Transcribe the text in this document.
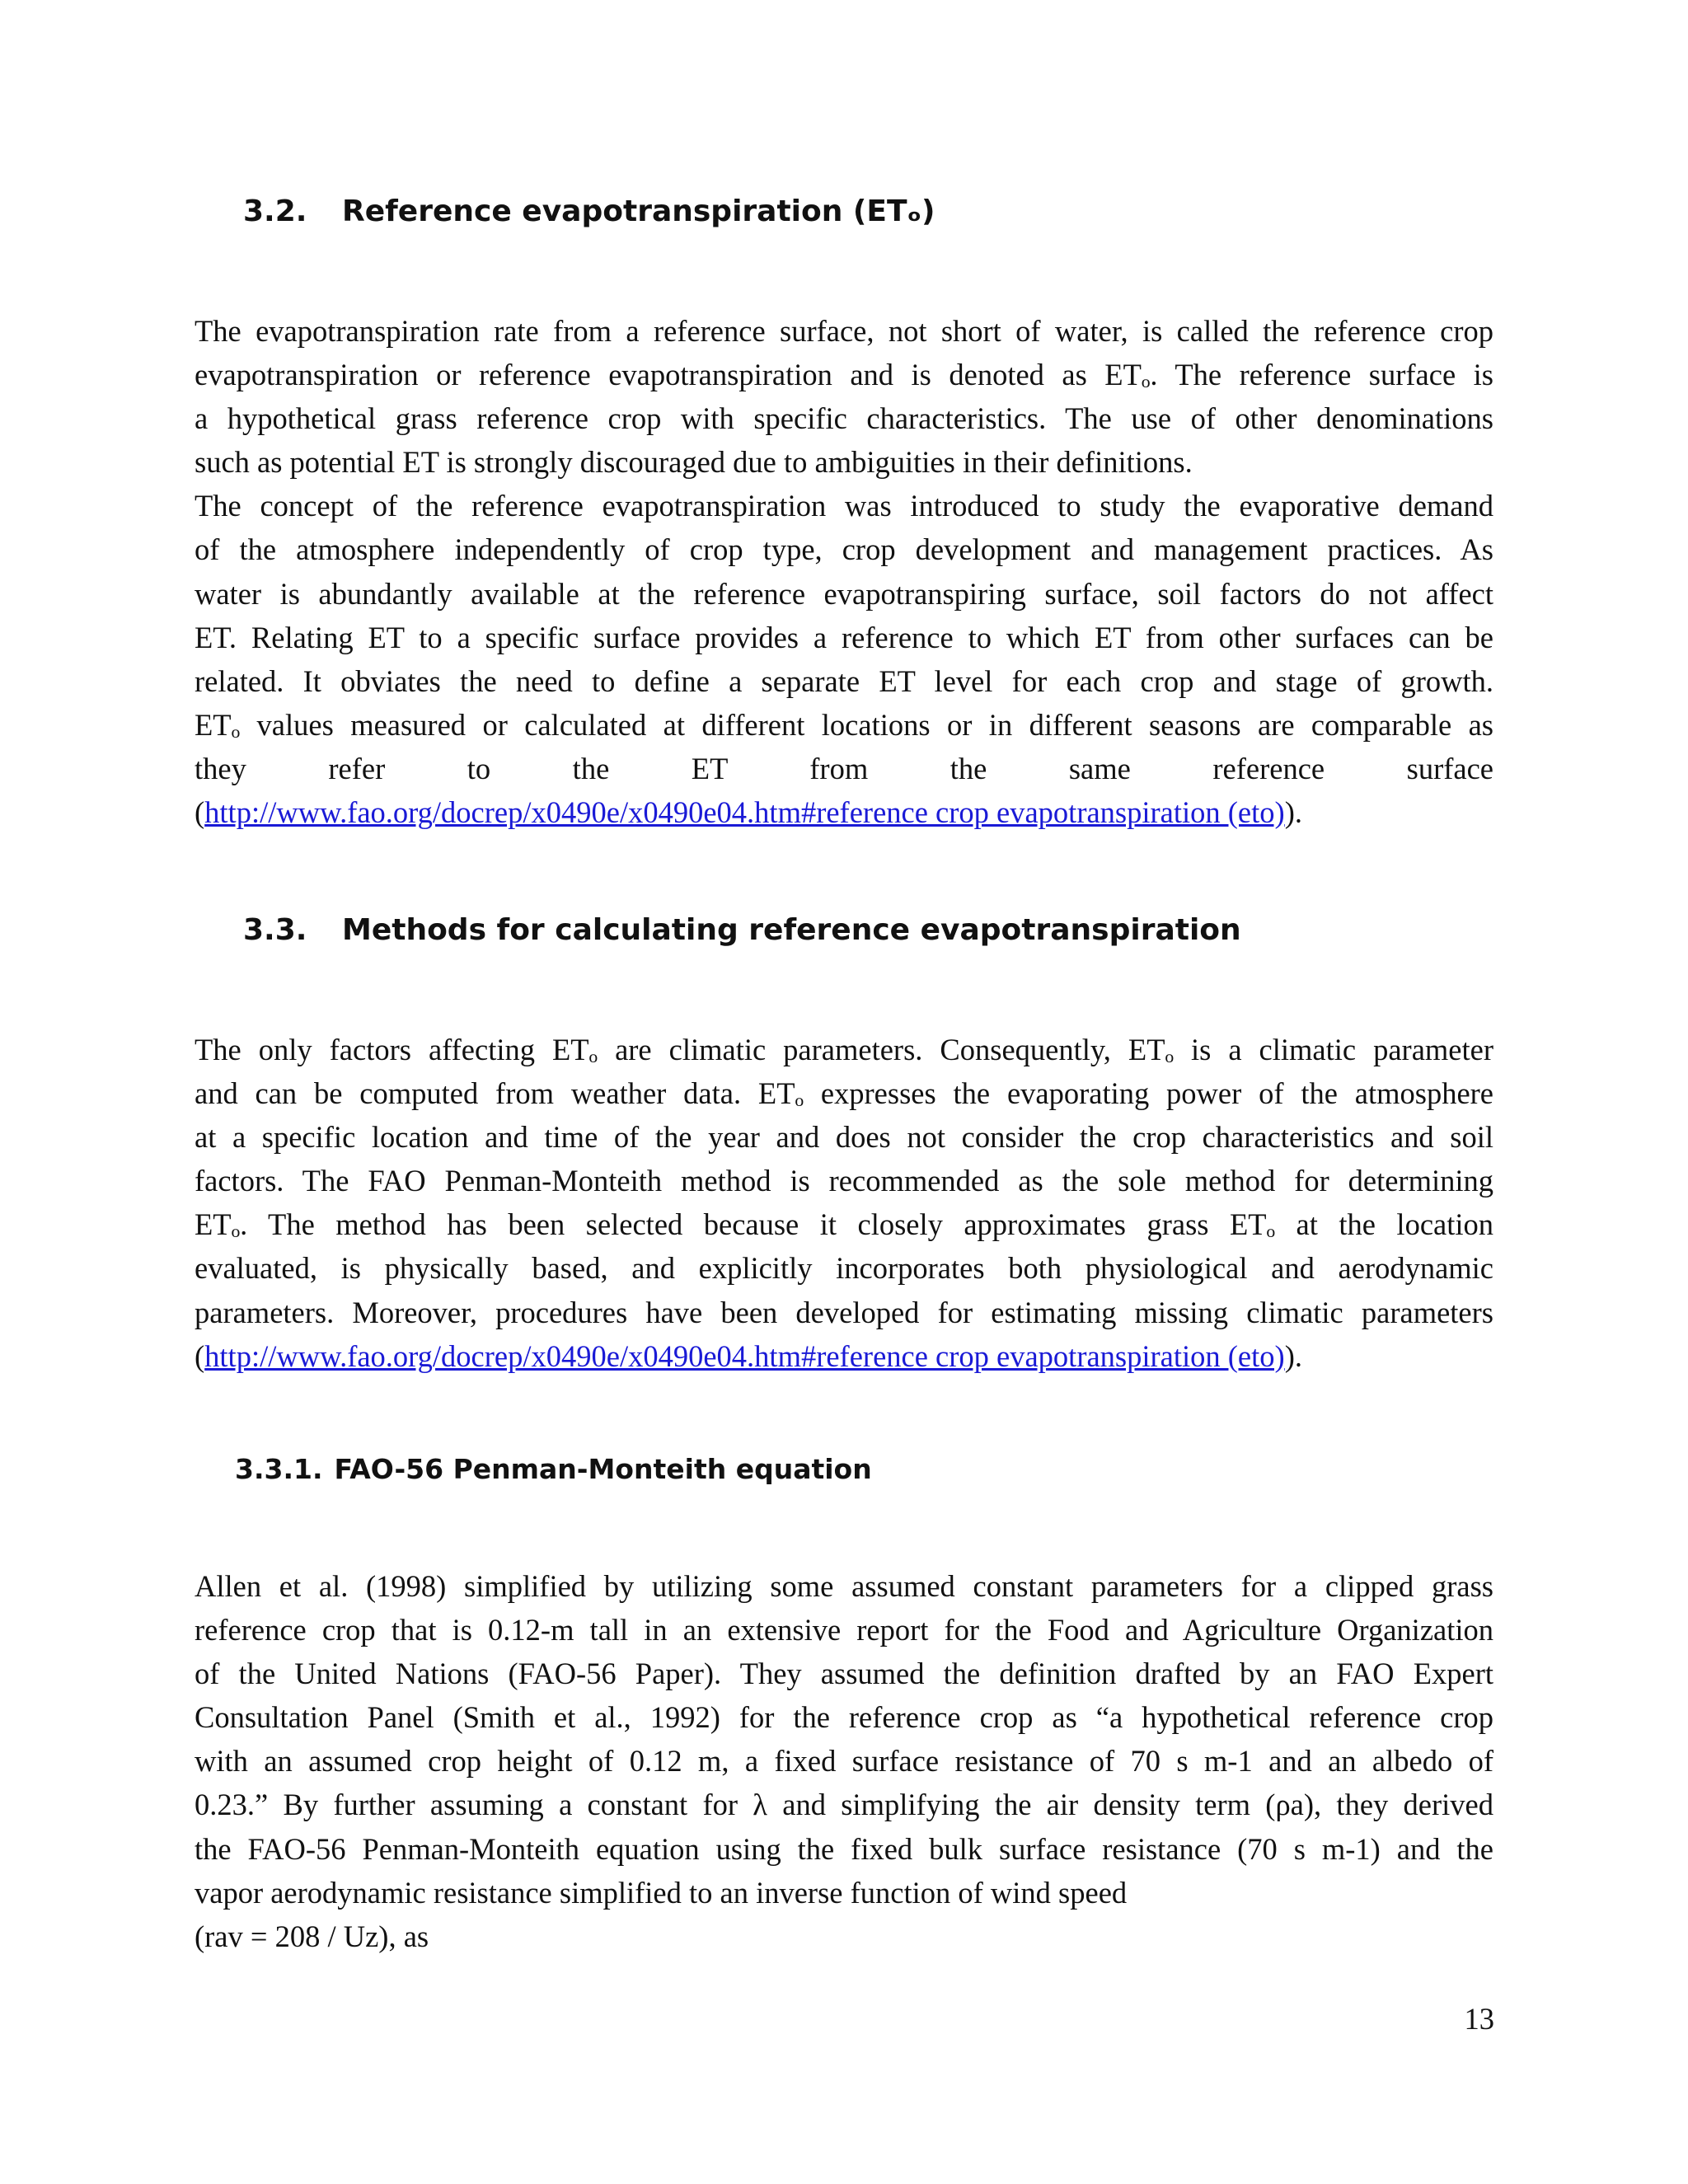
3.2. Reference evapotranspiration (ETₒ)
The evapotranspiration rate from a reference surface, not short of water, is called the reference crop
evapotranspiration or reference evapotranspiration and is denoted as ETₒ. The reference surface is
a hypothetical grass reference crop with specific characteristics. The use of other denominations
such as potential ET is strongly discouraged due to ambiguities in their definitions.
The concept of the reference evapotranspiration was introduced to study the evaporative demand
of the atmosphere independently of crop type, crop development and management practices. As
water is abundantly available at the reference evapotranspiring surface, soil factors do not affect
ET. Relating ET to a specific surface provides a reference to which ET from other surfaces can be
related. It obviates the need to define a separate ET level for each crop and stage of growth.
ETₒ values measured or calculated at different locations or in different seasons are comparable as
they refer to the ET from the same reference surface
(http://www.fao.org/docrep/x0490e/x0490e04.htm#reference crop evapotranspiration (eto)).
3.3. Methods for calculating reference evapotranspiration
The only factors affecting ETₒ are climatic parameters. Consequently, ETₒ is a climatic parameter
and can be computed from weather data. ETₒ expresses the evaporating power of the atmosphere
at a specific location and time of the year and does not consider the crop characteristics and soil
factors. The FAO Penman-Monteith method is recommended as the sole method for determining
ETₒ. The method has been selected because it closely approximates grass ETₒ at the location
evaluated, is physically based, and explicitly incorporates both physiological and aerodynamic
parameters. Moreover, procedures have been developed for estimating missing climatic parameters
(http://www.fao.org/docrep/x0490e/x0490e04.htm#reference crop evapotranspiration (eto)).
3.3.1. FAO-56 Penman-Monteith equation
Allen et al. (1998) simplified by utilizing some assumed constant parameters for a clipped grass
reference crop that is 0.12-m tall in an extensive report for the Food and Agriculture Organization
of the United Nations (FAO-56 Paper). They assumed the definition drafted by an FAO Expert
Consultation Panel (Smith et al., 1992) for the reference crop as “a hypothetical reference crop
with an assumed crop height of 0.12 m, a fixed surface resistance of 70 s m-1 and an albedo of
0.23.” By further assuming a constant for λ and simplifying the air density term (ρa), they derived
the FAO-56 Penman-Monteith equation using the fixed bulk surface resistance (70 s m-1) and the
vapor aerodynamic resistance simplified to an inverse function of wind speed
(rav = 208 / Uz), as
13
